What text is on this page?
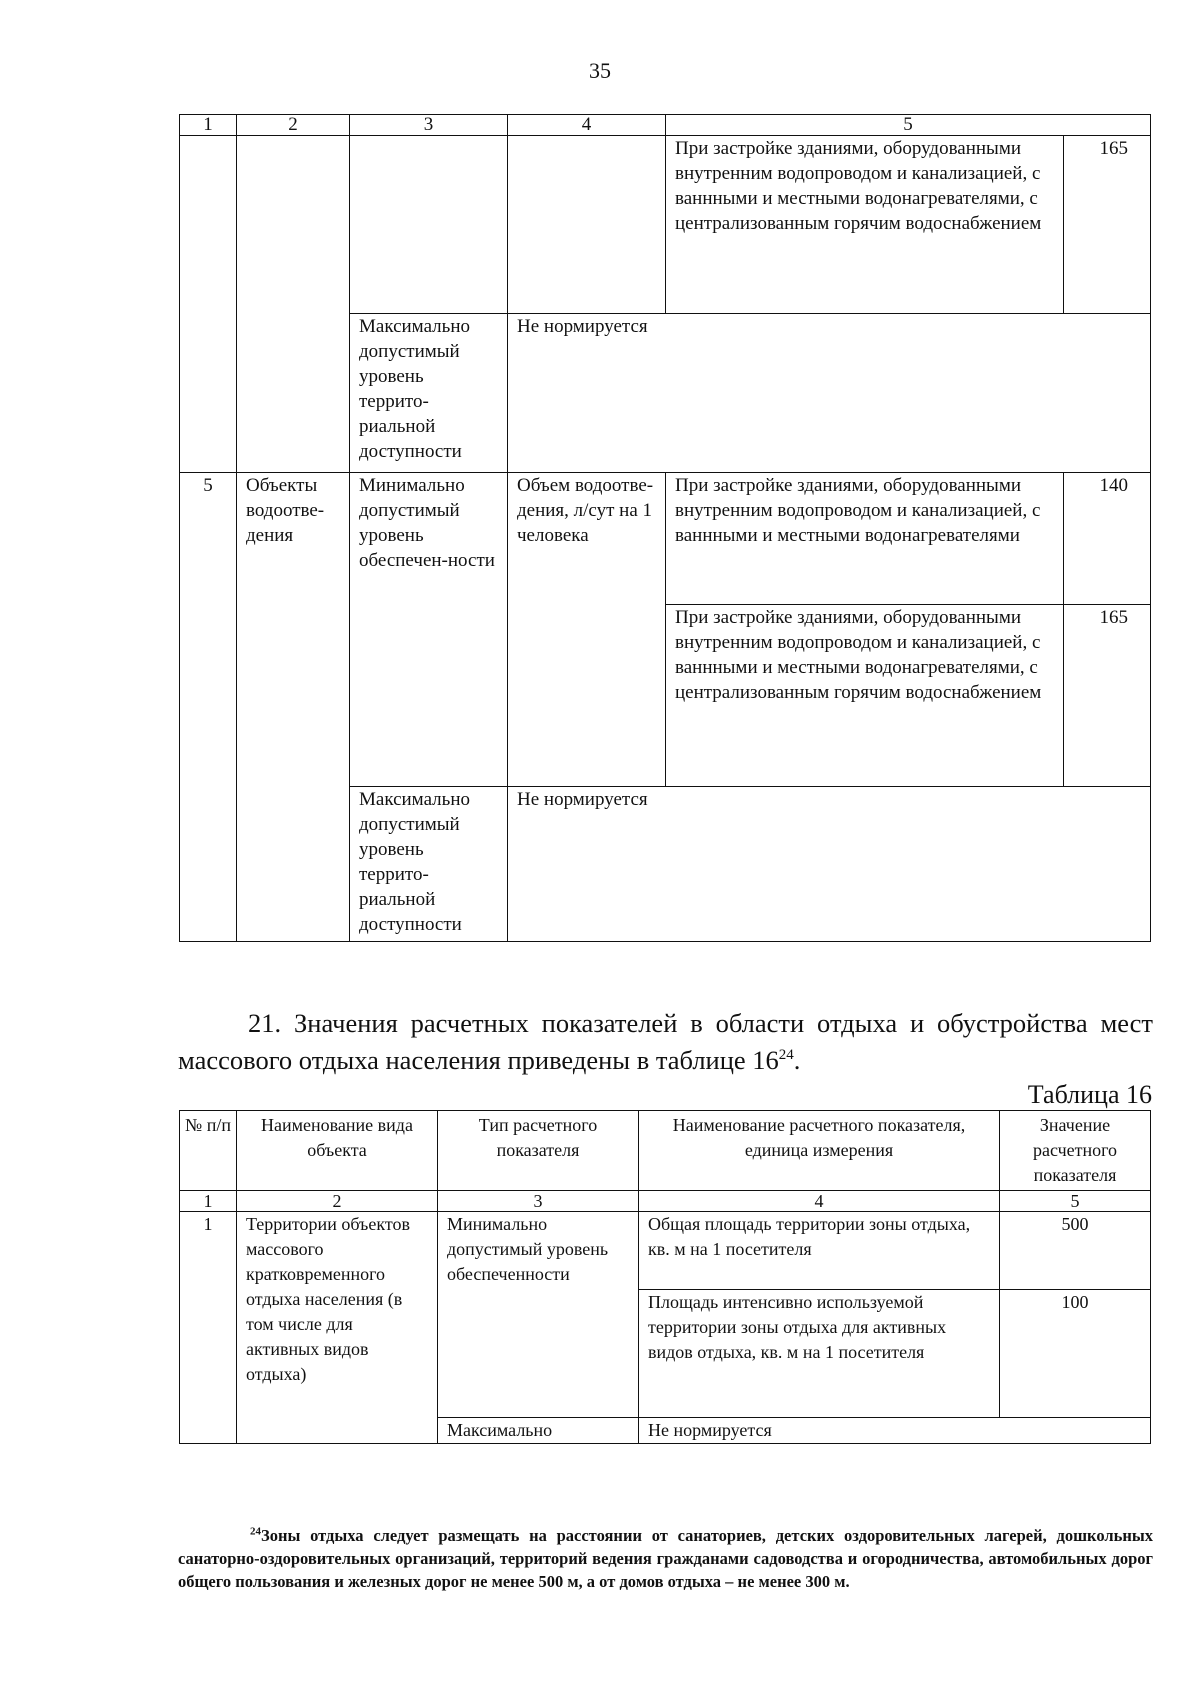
35
1	2	3	4	5	
				При застройке зданиями, оборудованными внутренним водопроводом и канализацией, с ваннными и местными водонагревателями, с централизованным горячим водоснабжением	165
		Максимально допустимый уровень террито-риальной доступности	Не нормируется		
5	Объекты водоотве-дения	Минимально допустимый уровень обеспечен-ности	Объем водоотве-дения, л/сут на 1 человека	При застройке зданиями, оборудованными внутренним водопроводом и канализацией, с ваннными и местными водонагревателями	140
				При застройке зданиями, оборудованными внутренним водопроводом и канализацией, с ваннными и местными водонагревателями, с централизованным горячим водоснабжением	165
		Максимально допустимый уровень террито-риальной доступности	Не нормируется		

21. Значения расчетных показателей в области отдыха и обустройства мест массового отдыха населения приведены в таблице $16^{24}$.

Таблица 16
№ п/п	Наименование вида объекта	Тип расчетного показателя	Наименование расчетного показателя, единица измерения	Значение расчетного показателя
1	2	3	4	5
1	Территории объектов массового кратковременного отдыха населения (в том числе для активных видов отдыха)	Минимально допустимый уровень обеспеченности	Общая площадь территории зоны отдыха, кв. м на 1 посетителя	500
			Площадь интенсивно используемой территории зоны отдыха для активных видов отдыха, кв. м на 1 посетителя	100
		Максимально	Не нормируется	

$^{24}$Зоны отдыха следует размещать на расстоянии от санаториев, детских оздоровительных лагерей, дошкольных санаторно-оздоровительных организаций, территорий ведения гражданами садоводства и огородничества, автомобильных дорог общего пользования и железных дорог не менее 500 м, а от домов отдыха – не менее 300 м.
